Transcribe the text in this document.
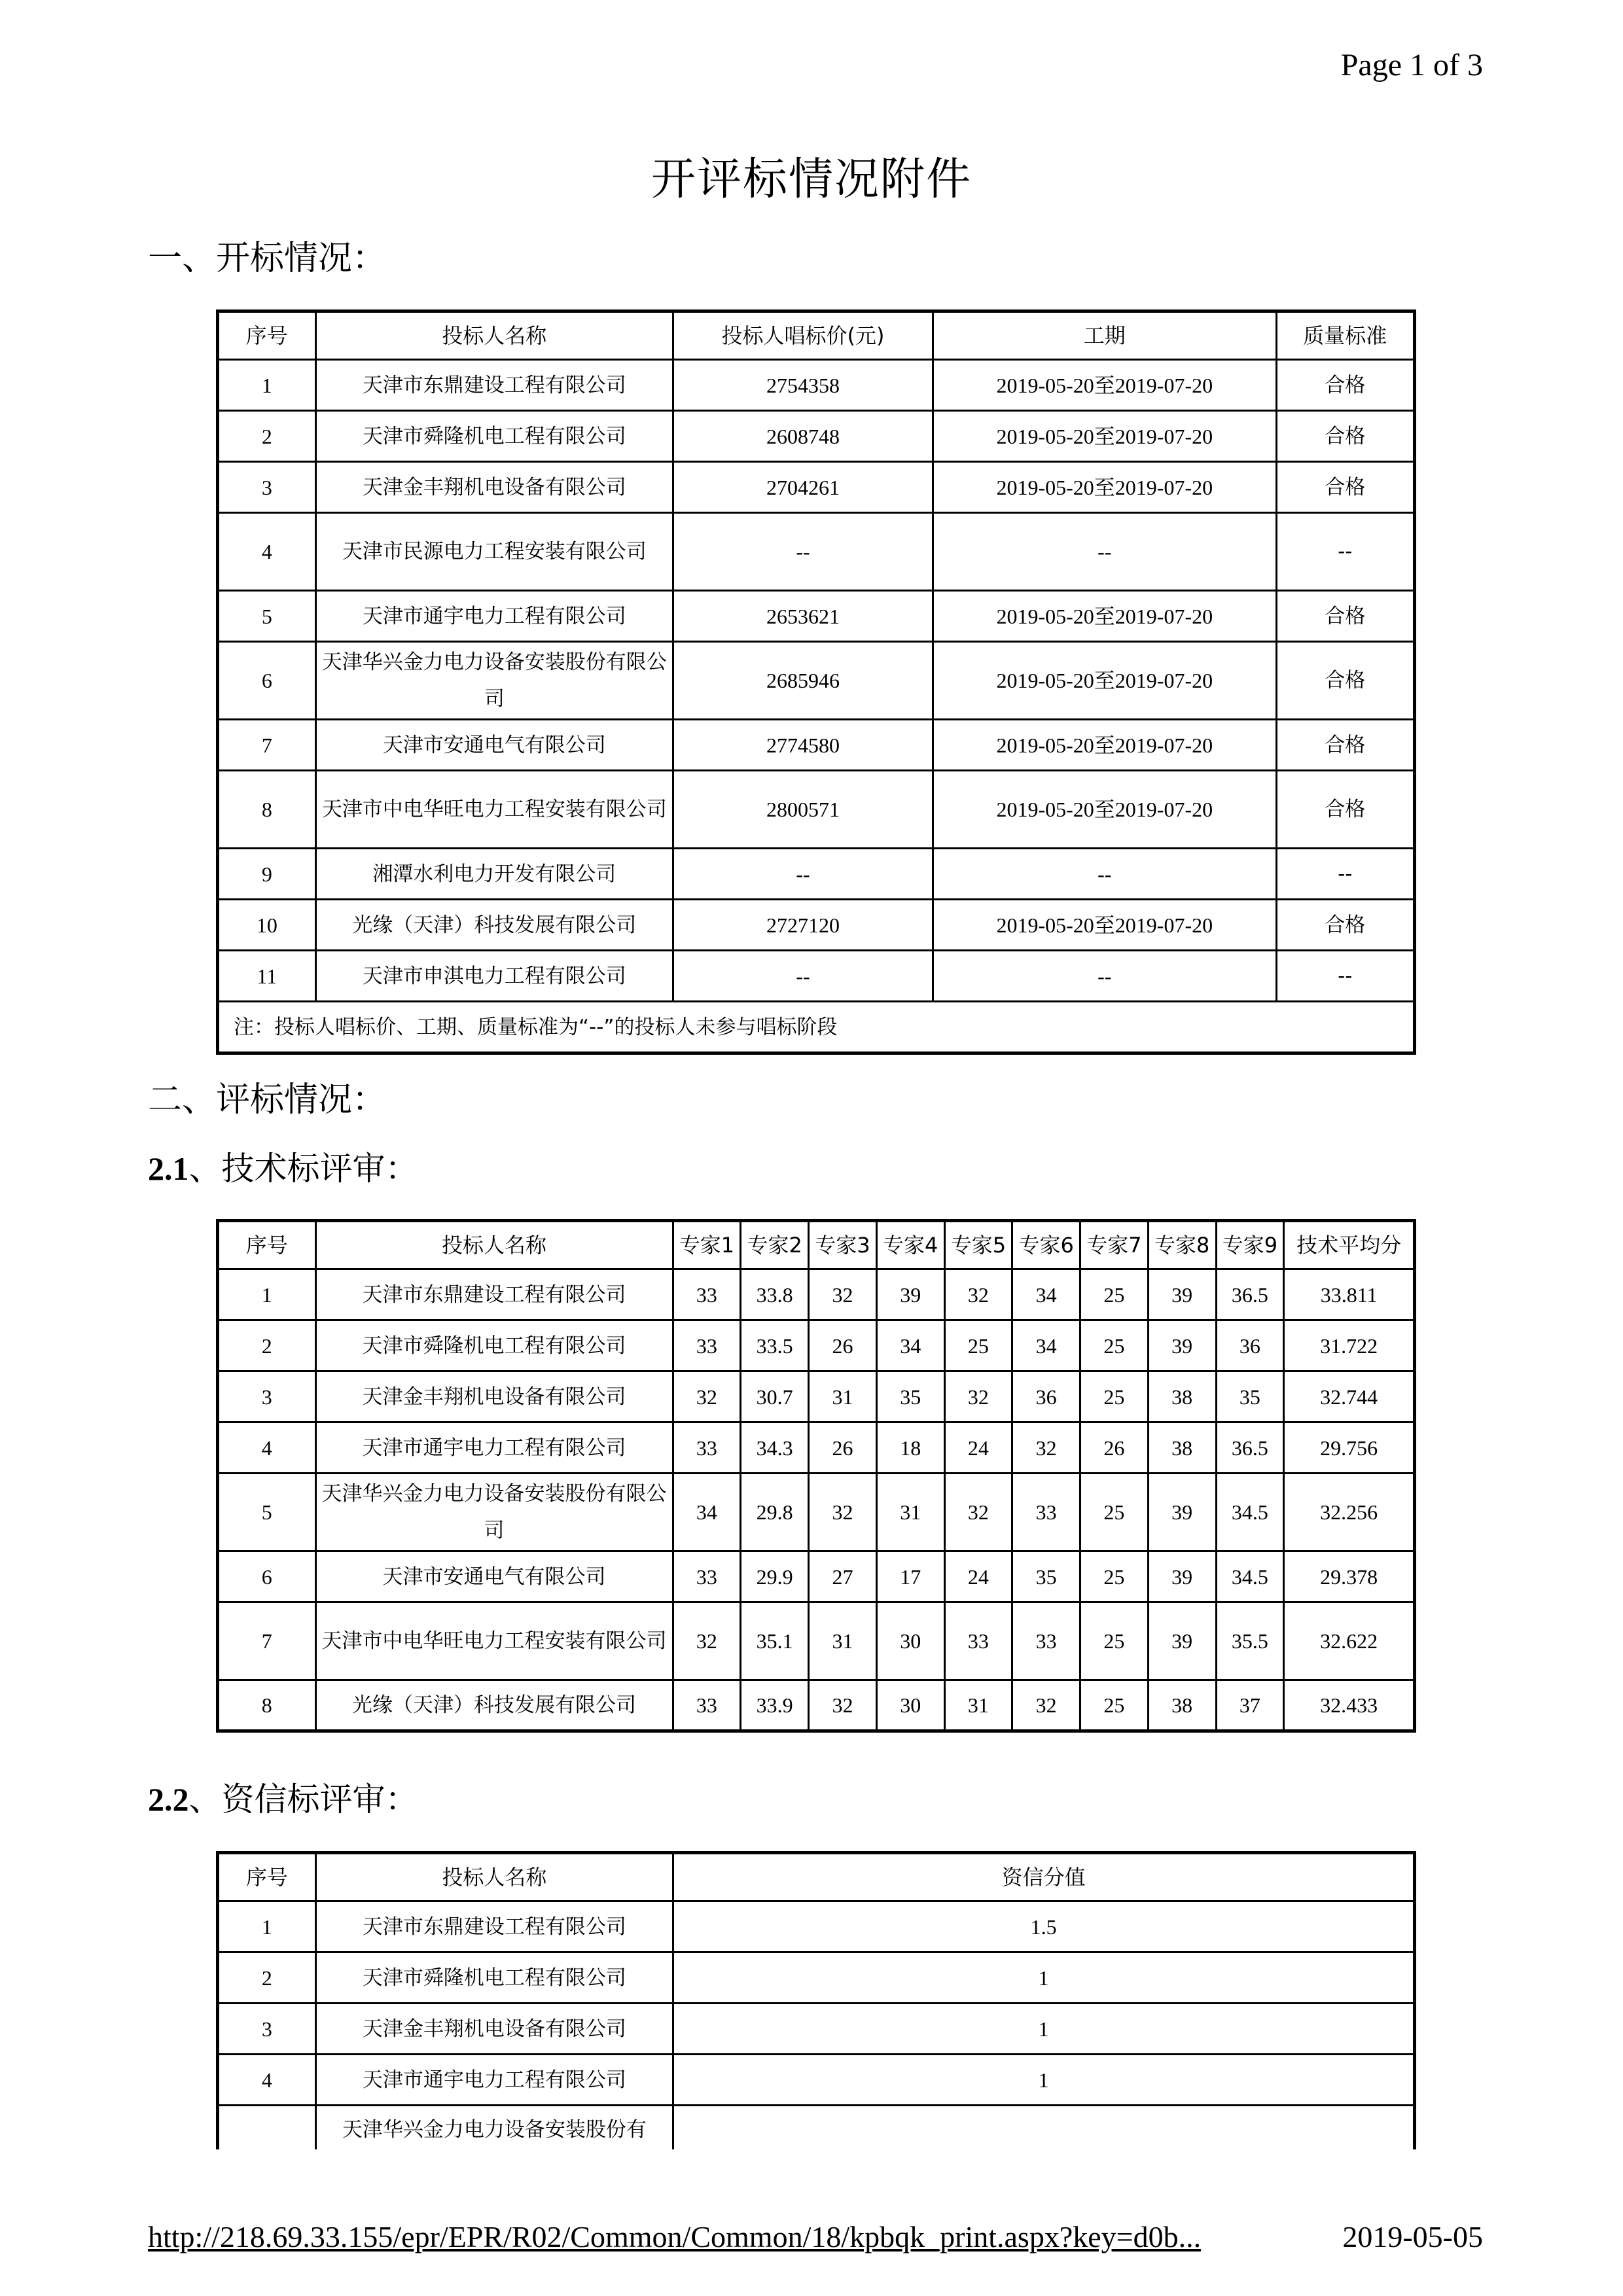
Page 1 of 3
开评标情况附件
一、开标情况：
序号	投标人名称	投标人唱标价(元)	工期	质量标准
1	天津市东鼎建设工程有限公司	2754358	2019-05-20至2019-07-20	合格
2	天津市舜隆机电工程有限公司	2608748	2019-05-20至2019-07-20	合格
3	天津金丰翔机电设备有限公司	2704261	2019-05-20至2019-07-20	合格
4	天津市民源电力工程安装有限公司	--	--	--
5	天津市通宇电力工程有限公司	2653621	2019-05-20至2019-07-20	合格
6	天津华兴金力电力设备安装股份有限公司	2685946	2019-05-20至2019-07-20	合格
7	天津市安通电气有限公司	2774580	2019-05-20至2019-07-20	合格
8	天津市中电华旺电力工程安装有限公司	2800571	2019-05-20至2019-07-20	合格
9	湘潭水利电力开发有限公司	--	--	--
10	光缘（天津）科技发展有限公司	2727120	2019-05-20至2019-07-20	合格
11	天津市申淇电力工程有限公司	--	--	--
注：投标人唱标价、工期、质量标准为“--”的投标人未参与唱标阶段				
二、评标情况：
2.1、技术标评审：
序号	投标人名称	专家1	专家2	专家3	专家4	专家5	专家6	专家7	专家8	专家9	技术平均分
1	天津市东鼎建设工程有限公司	33	33.8	32	39	32	34	25	39	36.5	33.811
2	天津市舜隆机电工程有限公司	33	33.5	26	34	25	34	25	39	36	31.722
3	天津金丰翔机电设备有限公司	32	30.7	31	35	32	36	25	38	35	32.744
4	天津市通宇电力工程有限公司	33	34.3	26	18	24	32	26	38	36.5	29.756
5	天津华兴金力电力设备安装股份有限公司	34	29.8	32	31	32	33	25	39	34.5	32.256
6	天津市安通电气有限公司	33	29.9	27	17	24	35	25	39	34.5	29.378
7	天津市中电华旺电力工程安装有限公司	32	35.1	31	30	33	33	25	39	35.5	32.622
8	光缘（天津）科技发展有限公司	33	33.9	32	30	31	32	25	38	37	32.433
2.2、资信标评审：
序号	投标人名称	资信分值
1	天津市东鼎建设工程有限公司	1.5
2	天津市舜隆机电工程有限公司	1
3	天津金丰翔机电设备有限公司	1
4	天津市通宇电力工程有限公司	1
	天津华兴金力电力设备安装股份有	
http://218.69.33.155/epr/EPR/R02/Common/Common/18/kpbqk_print.aspx?key=d0b...	2019-05-05
